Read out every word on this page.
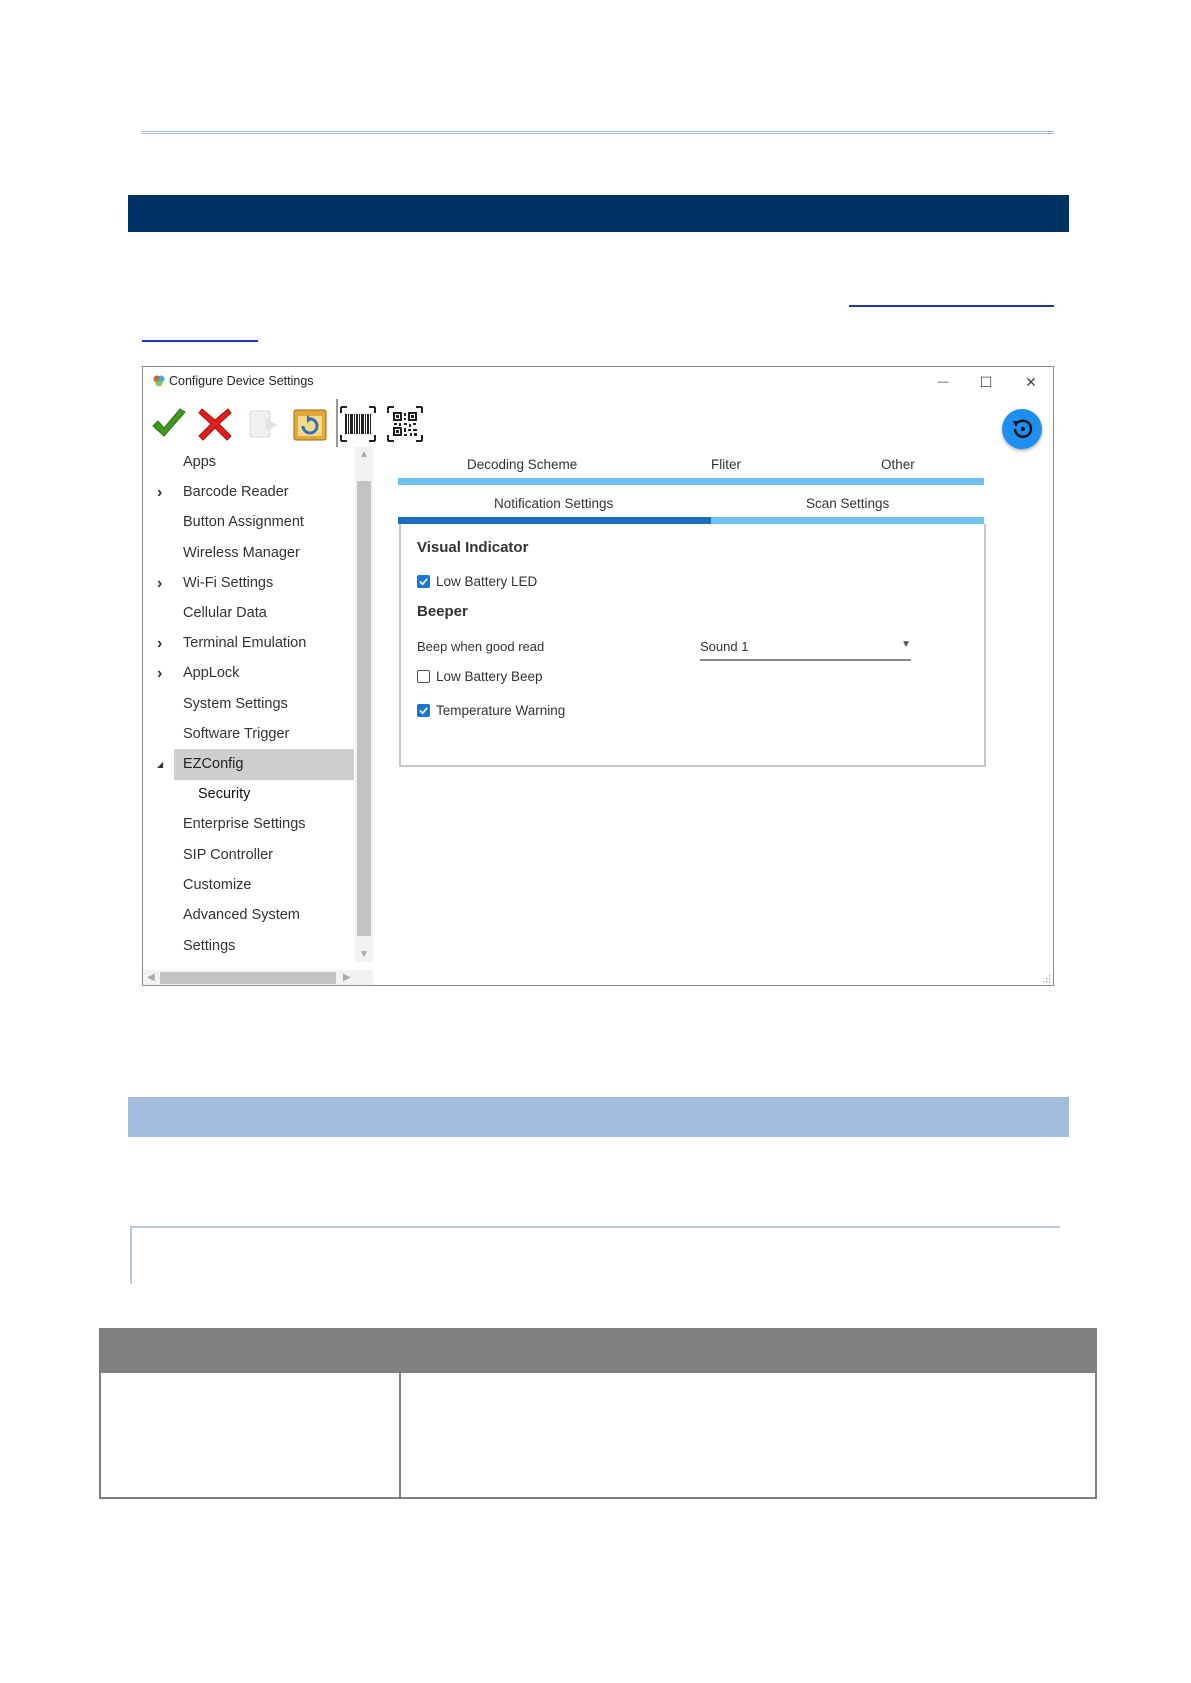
Configure Device Settings	— ☐ ✕
Apps
›	Barcode Reader
Button Assignment
Wireless Manager
›	Wi-Fi Settings
Cellular Data
›	Terminal Emulation
›	AppLock
System Settings
Software Trigger
◢	EZConfig
Security
Enterprise Settings
SIP Controller
Customize
Advanced System Settings
▲
▼
◀	▶
Decoding Scheme	Fliter	Other
Notification Settings	Scan Settings
Visual Indicator
Low Battery LED
Beeper
Beep when good read	Sound 1	▼
Low Battery Beep
Temperature Warning
